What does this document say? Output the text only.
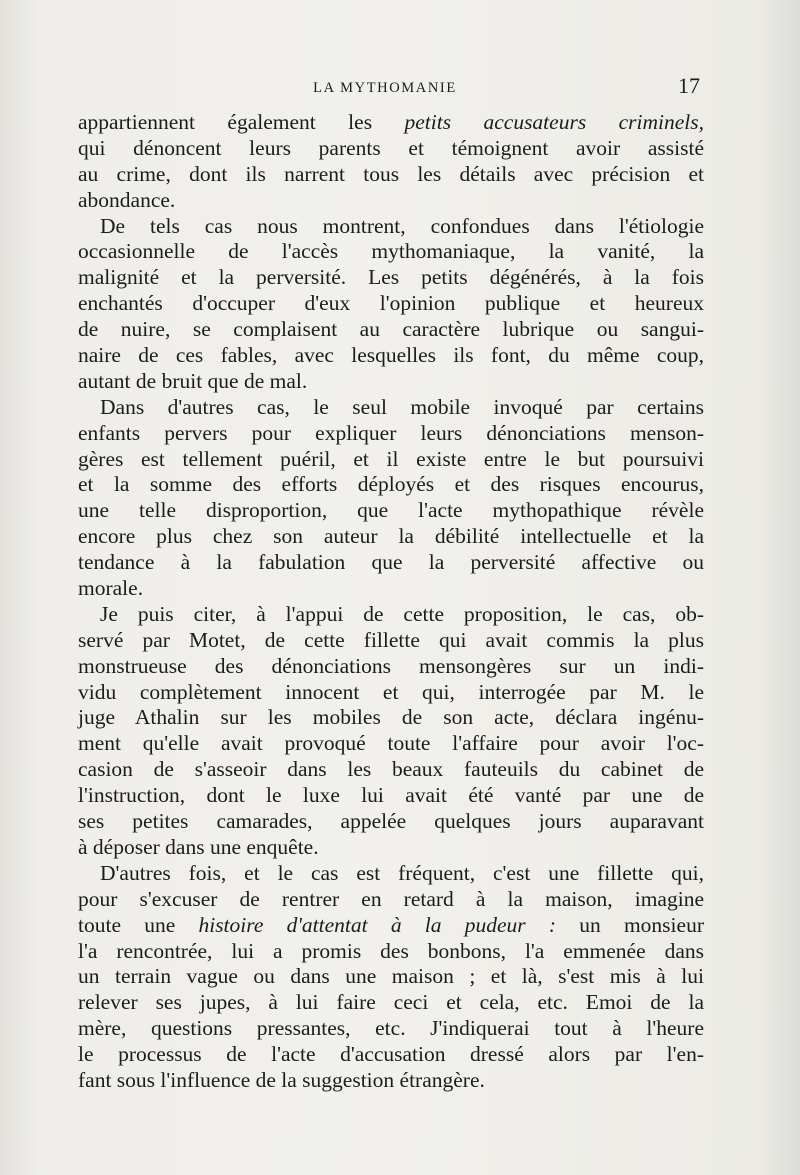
LA MYTHOMANIE	17
appartiennent également les petits accusateurs criminels,
qui dénoncent leurs parents et témoignent avoir assisté
au crime, dont ils narrent tous les détails avec précision et
abondance.
De tels cas nous montrent, confondues dans l'étiologie
occasionnelle de l'accès mythomaniaque, la vanité, la
malignité et la perversité. Les petits dégénérés, à la fois
enchantés d'occuper d'eux l'opinion publique et heureux
de nuire, se complaisent au caractère lubrique ou sangui-
naire de ces fables, avec lesquelles ils font, du même coup,
autant de bruit que de mal.
Dans d'autres cas, le seul mobile invoqué par certains
enfants pervers pour expliquer leurs dénonciations menson-
gères est tellement puéril, et il existe entre le but poursuivi
et la somme des efforts déployés et des risques encourus,
une telle disproportion, que l'acte mythopathique révèle
encore plus chez son auteur la débilité intellectuelle et la
tendance à la fabulation que la perversité affective ou
morale.
Je puis citer, à l'appui de cette proposition, le cas, ob-
servé par Motet, de cette fillette qui avait commis la plus
monstrueuse des dénonciations mensongères sur un indi-
vidu complètement innocent et qui, interrogée par M. le
juge Athalin sur les mobiles de son acte, déclara ingénu-
ment qu'elle avait provoqué toute l'affaire pour avoir l'oc-
casion de s'asseoir dans les beaux fauteuils du cabinet de
l'instruction, dont le luxe lui avait été vanté par une de
ses petites camarades, appelée quelques jours auparavant
à déposer dans une enquête.
D'autres fois, et le cas est fréquent, c'est une fillette qui,
pour s'excuser de rentrer en retard à la maison, imagine
toute une histoire d'attentat à la pudeur : un monsieur
l'a rencontrée, lui a promis des bonbons, l'a emmenée dans
un terrain vague ou dans une maison ; et là, s'est mis à lui
relever ses jupes, à lui faire ceci et cela, etc. Emoi de la
mère, questions pressantes, etc. J'indiquerai tout à l'heure
le processus de l'acte d'accusation dressé alors par l'en-
fant sous l'influence de la suggestion étrangère.
